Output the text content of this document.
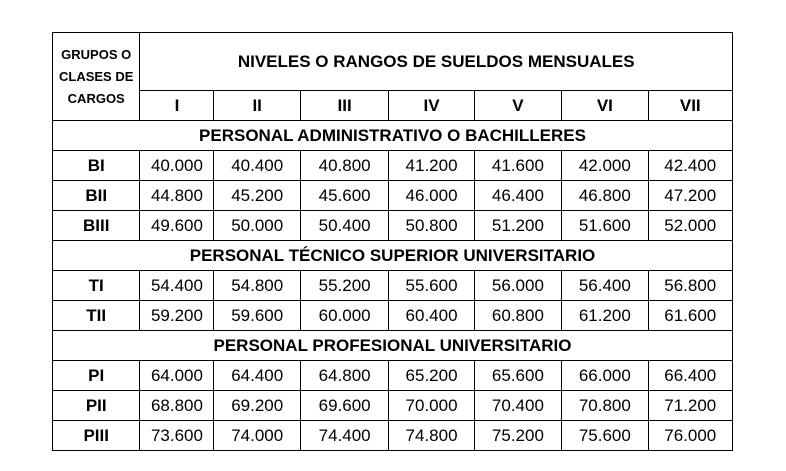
GRUPOS O
CLASES DE
CARGOS	NIVELES O RANGOS DE SUELDOS MENSUALES						
	I	II	III	IV	V	VI	VII
PERSONAL ADMINISTRATIVO O BACHILLERES							
BI	40.000	40.400	40.800	41.200	41.600	42.000	42.400
BII	44.800	45.200	45.600	46.000	46.400	46.800	47.200
BIII	49.600	50.000	50.400	50.800	51.200	51.600	52.000
PERSONAL TÉCNICO SUPERIOR UNIVERSITARIO							
TI	54.400	54.800	55.200	55.600	56.000	56.400	56.800
TII	59.200	59.600	60.000	60.400	60.800	61.200	61.600
PERSONAL PROFESIONAL UNIVERSITARIO							
PI	64.000	64.400	64.800	65.200	65.600	66.000	66.400
PII	68.800	69.200	69.600	70.000	70.400	70.800	71.200
PIII	73.600	74.000	74.400	74.800	75.200	75.600	76.000
